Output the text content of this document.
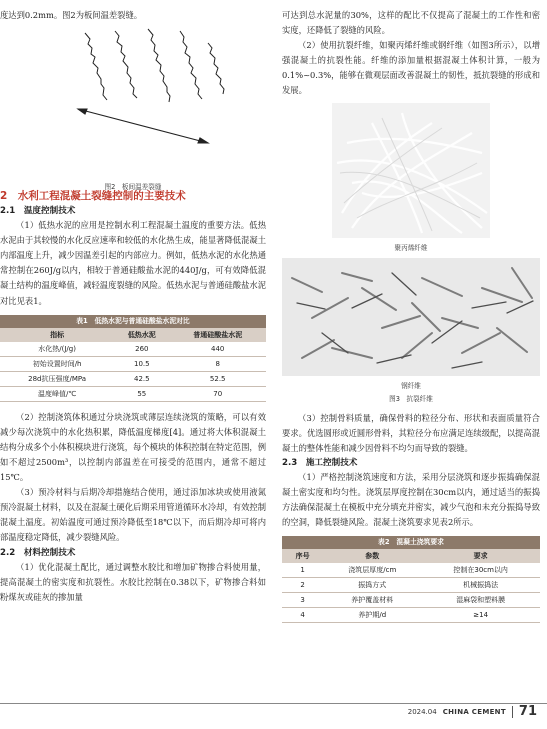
度达到0.2mm。图2为板间温差裂缝。

图2　板间温差裂缝
2　水利工程混凝土裂缝控制的主要技术
2.1　温度控制技术

（1）低热水泥的应用是控制水利工程混凝土温度的重要方法。低热水泥由于其较慢的水化反应速率和较低的水化热生成，能显著降低混凝土内部温度上升，减少因温差引起的内部应力。例如，低热水泥的水化热通常控制在260J/g以内，相较于普通硅酸盐水泥的440J/g，可有效降低混凝土结构的温度峰值，减轻温度裂缝的风险。低热水泥与普通硅酸盐水泥对比见表1。

表1　低热水泥与普通硅酸盐水泥对比
指标	低热水泥	普通硅酸盐水泥
水化热/(J/g)	260	440
初始设置时间/h	10.5	8
28d抗压强度/MPa	42.5	52.5
温度峰值/℃	55	70

（2）控制浇筑体积通过分块浇筑或薄层连续浇筑的策略，可以有效减少每次浇筑中的水化热积累，降低温度梯度[4]。通过将大体积混凝土结构分成多个小体积模块进行浇筑，每个模块的体积控制在特定范围，例如不超过2500m³，以控制内部温差在可接受的范围内，通常不超过15℃。

（3）预冷材料与后期冷却措施结合使用，通过添加冰块或使用液氮预冷混凝土材料，以及在混凝土硬化后期采用管道循环水冷却，有效控制混凝土温度。初始温度可通过预冷降低至18℃以下，而后期冷却可将内部温度稳定降低，减少裂缝风险。

2.2　材料控制技术

（1）优化混凝土配比，通过调整水胶比和增加矿物掺合料使用量，提高混凝土的密实度和抗裂性。水胶比控制在0.38以下，矿物掺合料如粉煤灰或硅灰的掺加量

可达到总水泥量的30%，这样的配比不仅提高了混凝土的工作性和密实度，还降低了裂缝的风险。

（2）使用抗裂纤维，如聚丙烯纤维或钢纤维（如图3所示），以增强混凝土的抗裂性能。纤维的添加量根据混凝土体积计算，一般为0.1%~0.3%，能够在微观层面改善混凝土的韧性，抵抗裂缝的形成和发展。

聚丙烯纤维
钢纤维
图3　抗裂纤维

（3）控制骨料质量，确保骨料的粒径分布、形状和表面质量符合要求。优选圆形或近圆形骨料，其粒径分布应满足连续级配，以提高混凝土的整体性能和减少因骨料不均匀而导致的裂缝。

2.3　施工控制技术

（1）严格控制浇筑速度和方法，采用分层浇筑和逐步振捣确保混凝土密实度和均匀性。浇筑层厚度控制在30cm以内，通过适当的振捣方法确保混凝土在模板中充分填充并密实，减少气泡和未充分振捣导致的空洞，降低裂缝风险。混凝土浇筑要求见表2所示。

表2　混凝土浇筑要求
序号	参数	要求
1	浇筑层厚度/cm	控制在30cm以内
2	振捣方式	机械振捣法
3	养护覆盖材料	湿麻袋和塑料膜
4	养护期/d	≥14
2024.04 CHINA CEMENT 71
